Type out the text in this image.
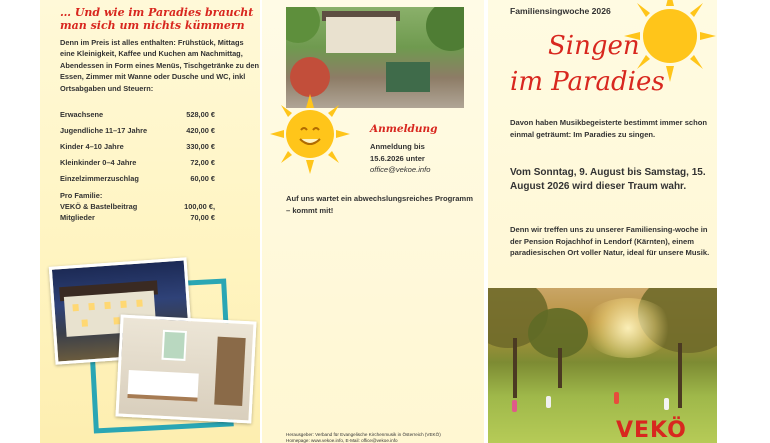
… Und wie im Paradies braucht
man sich um nichts kümmern
Denn im Preis ist alles enthalten: Frühstück, Mittags eine Kleinigkeit, Kaffee und Kuchen am Nachmittag, Abendessen in Form eines Menüs, Tischgetränke zu den Essen, Zimmer mit Wanne oder Dusche und WC, inkl Ortsabgaben und Steuern:
Erwachsene	528,00 €
Jugendliche 11–17 Jahre	420,00 €
Kinder 4–10 Jahre	330,00 €
Kleinkinder 0–4 Jahre	72,00 €
Einzelzimmerzuschlag	60,00 €
Pro Familie:
VEKÖ & Bastelbeitrag	100,00 €,
Mitglieder	70,00 €
Anmeldung
Anmeldung bis
15.6.2026 unter
office@vekoe.info
Auf uns wartet ein abwechslungsreiches Programm – kommt mit!
Herausgeber: Verband für Evangelische Kirchenmusik in Österreich (VEKÖ)
Homepage: www.vekoe.info, E-Mail: office@vekoe.info
Familiensingwoche 2026
Singen
im Paradies
Davon haben Musikbegeisterte bestimmt immer schon einmal geträumt: Im Paradies zu singen.
Vom Sonntag, 9. August bis Samstag, 15. August 2026 wird dieser Traum wahr.
Denn wir treffen uns zu unserer Familiensing-woche in der Pension Rojachhof in Lendorf (Kärnten), einem paradiesischen Ort voller Natur, ideal für unsere Musik.
VEKÖ
